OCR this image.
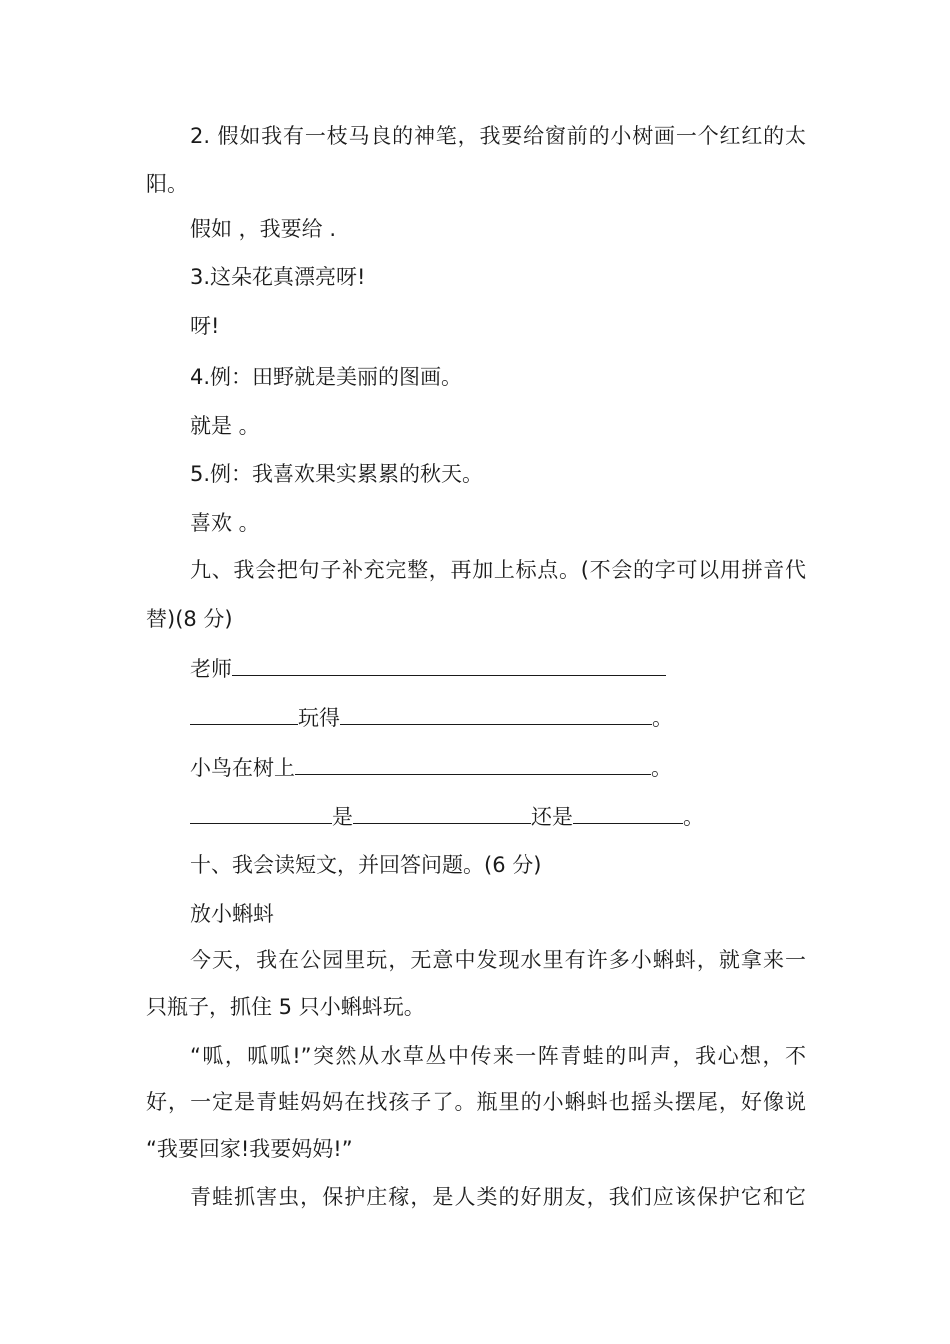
2. 假如我有一枝马良的神笔，我要给窗前的小树画一个红红的太
阳。
假如 ，我要给 .
3.这朵花真漂亮呀!
呀!
4.例：田野就是美丽的图画。
就是 。
5.例：我喜欢果实累累的秋天。
喜欢 。
九、我会把句子补充完整，再加上标点。(不会的字可以用拼音代
替)(8 分)
老师
玩得	。
小鸟在树上	。
是	还是	。
十、我会读短文，并回答问题。(6 分)
放小蝌蚪
今天，我在公园里玩，无意中发现水里有许多小蝌蚪，就拿来一
只瓶子，抓住 5 只小蝌蚪玩。
“呱，呱呱!”突然从水草丛中传来一阵青蛙的叫声，我心想，不
好，一定是青蛙妈妈在找孩子了。瓶里的小蝌蚪也摇头摆尾，好像说
“我要回家!我要妈妈!”
青蛙抓害虫，保护庄稼，是人类的好朋友，我们应该保护它和它
